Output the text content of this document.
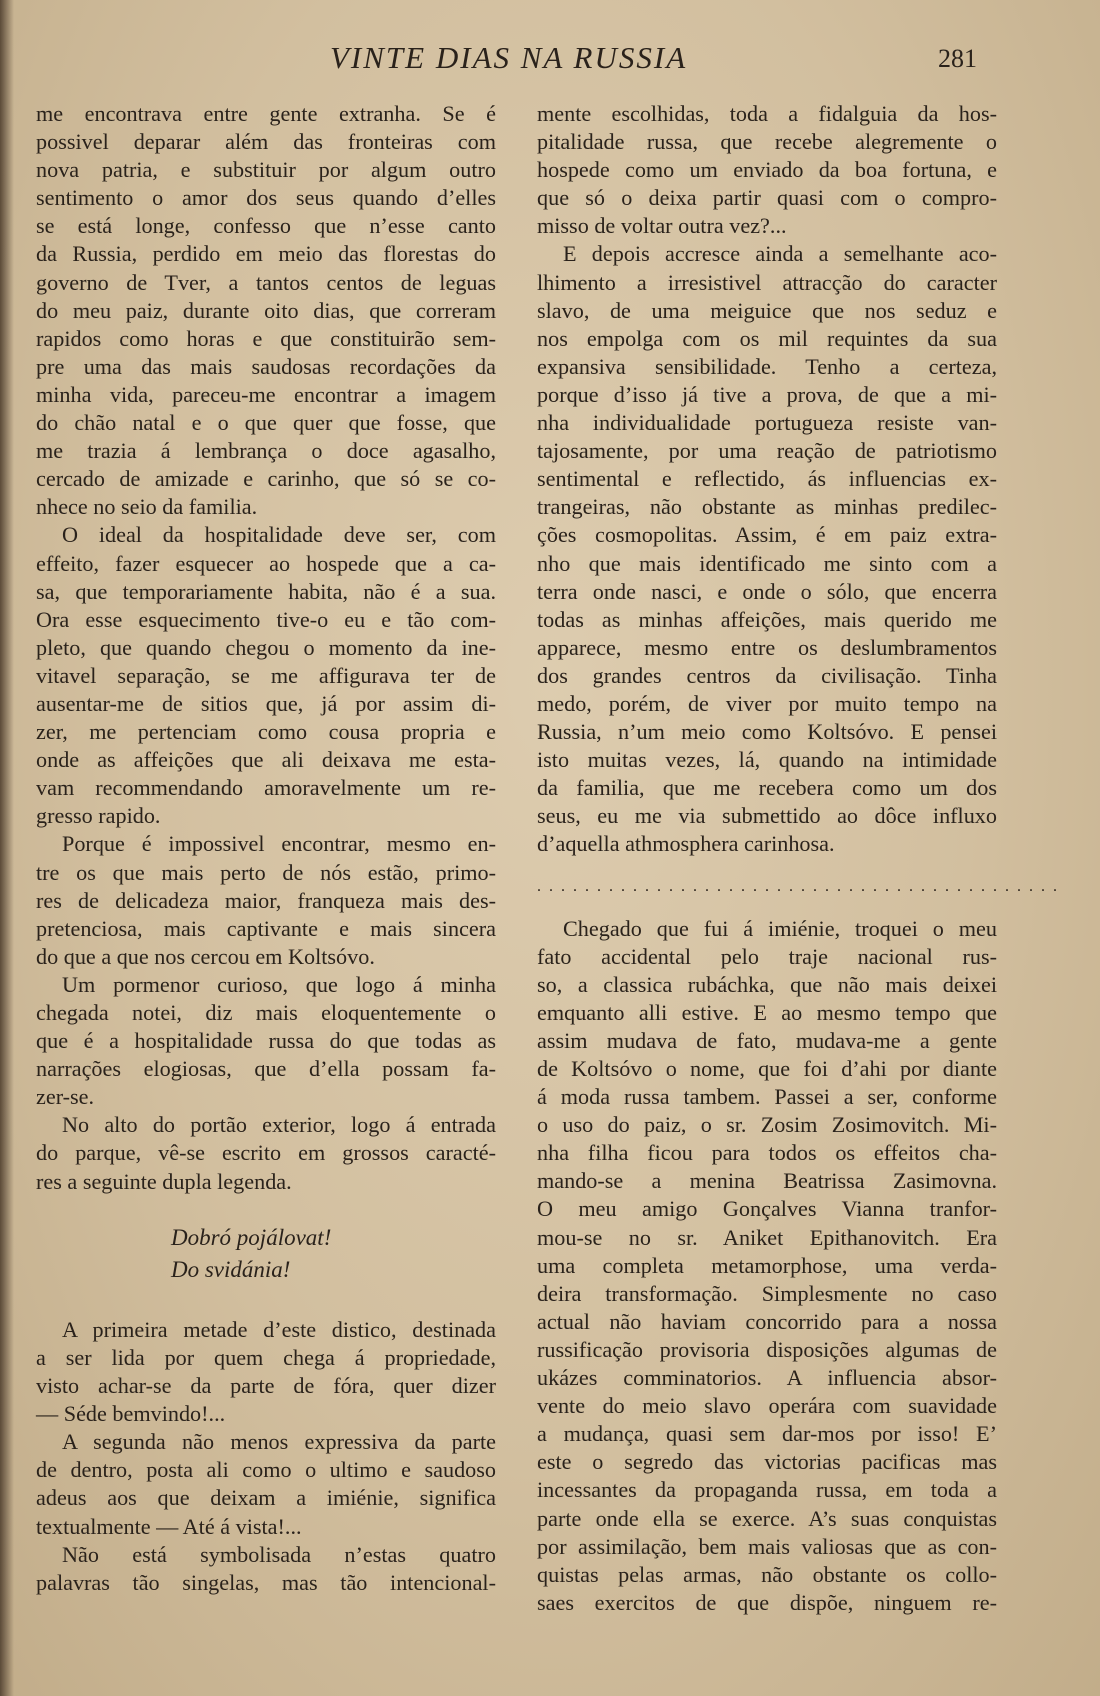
VINTE DIAS NA RUSSIA	281
me encontrava entre gente extranha. Se é
possivel deparar além das fronteiras com
nova patria, e substituir por algum outro
sentimento o amor dos seus quando d’elles
se está longe, confesso que n’esse canto
da Russia, perdido em meio das florestas do
governo de Tver, a tantos centos de leguas
do meu paiz, durante oito dias, que correram
rapidos como horas e que constituirão sem-
pre uma das mais saudosas recordações da
minha vida, pareceu-me encontrar a imagem
do chão natal e o que quer que fosse, que
me trazia á lembrança o doce agasalho,
cercado de amizade e carinho, que só se co-
nhece no seio da familia.
O ideal da hospitalidade deve ser, com
effeito, fazer esquecer ao hospede que a ca-
sa, que temporariamente habita, não é a sua.
Ora esse esquecimento tive-o eu e tão com-
pleto, que quando chegou o momento da ine-
vitavel separação, se me affigurava ter de
ausentar-me de sitios que, já por assim di-
zer, me pertenciam como cousa propria e
onde as affeições que ali deixava me esta-
vam recommendando amoravelmente um re-
gresso rapido.
Porque é impossivel encontrar, mesmo en-
tre os que mais perto de nós estão, primo-
res de delicadeza maior, franqueza mais des-
pretenciosa, mais captivante e mais sincera
do que a que nos cercou em Koltsóvo.
Um pormenor curioso, que logo á minha
chegada notei, diz mais eloquentemente o
que é a hospitalidade russa do que todas as
narrações elogiosas, que d’ella possam fa-
zer-se.
No alto do portão exterior, logo á entrada
do parque, vê-se escrito em grossos caracté-
res a seguinte dupla legenda.
Dobró pojálovat!
Do svidánia!
A primeira metade d’este distico, destinada
a ser lida por quem chega á propriedade,
visto achar-se da parte de fóra, quer dizer
— Séde bemvindo!...
A segunda não menos expressiva da parte
de dentro, posta ali como o ultimo e saudoso
adeus aos que deixam a imiénie, significa
textualmente — Até á vista!...
Não está symbolisada n’estas quatro
palavras tão singelas, mas tão intencional-
mente escolhidas, toda a fidalguia da hos-
pitalidade russa, que recebe alegremente o
hospede como um enviado da boa fortuna, e
que só o deixa partir quasi com o compro-
misso de voltar outra vez?...
E depois accresce ainda a semelhante aco-
lhimento a irresistivel attracção do caracter
slavo, de uma meiguice que nos seduz e
nos empolga com os mil requintes da sua
expansiva sensibilidade. Tenho a certeza,
porque d’isso já tive a prova, de que a mi-
nha individualidade portugueza resiste van-
tajosamente, por uma reação de patriotismo
sentimental e reflectido, ás influencias ex-
trangeiras, não obstante as minhas predilec-
ções cosmopolitas. Assim, é em paiz extra-
nho que mais identificado me sinto com a
terra onde nasci, e onde o sólo, que encerra
todas as minhas affeições, mais querido me
apparece, mesmo entre os deslumbramentos
dos grandes centros da civilisação. Tinha
medo, porém, de viver por muito tempo na
Russia, n’um meio como Koltsóvo. E pensei
isto muitas vezes, lá, quando na intimidade
da familia, que me recebera como um dos
seus, eu me via submettido ao dôce influxo
d’aquella athmosphera carinhosa.
............................................
Chegado que fui á imiénie, troquei o meu
fato accidental pelo traje nacional rus-
so, a classica rubáchka, que não mais deixei
emquanto alli estive. E ao mesmo tempo que
assim mudava de fato, mudava-me a gente
de Koltsóvo o nome, que foi d’ahi por diante
á moda russa tambem. Passei a ser, conforme
o uso do paiz, o sr. Zosim Zosimovitch. Mi-
nha filha ficou para todos os effeitos cha-
mando-se a menina Beatrissa Zasimovna.
O meu amigo Gonçalves Vianna tranfor-
mou-se no sr. Aniket Epithanovitch. Era
uma completa metamorphose, uma verda-
deira transformação. Simplesmente no caso
actual não haviam concorrido para a nossa
russificação provisoria disposições algumas de
ukázes comminatorios. A influencia absor-
vente do meio slavo operára com suavidade
a mudança, quasi sem dar-mos por isso! E’
este o segredo das victorias pacificas mas
incessantes da propaganda russa, em toda a
parte onde ella se exerce. A’s suas conquistas
por assimilação, bem mais valiosas que as con-
quistas pelas armas, não obstante os collo-
saes exercitos de que dispõe, ninguem re-
